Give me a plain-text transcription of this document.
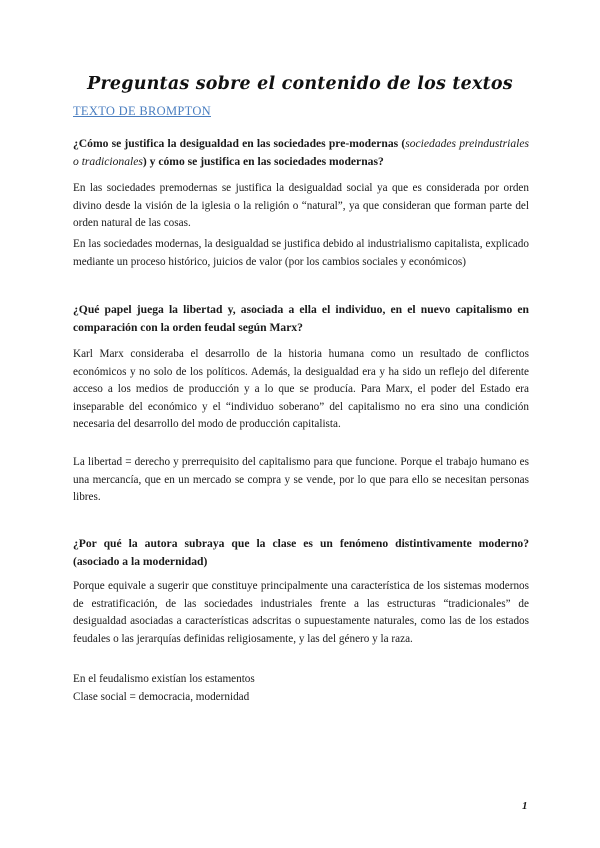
Preguntas sobre el contenido de los textos
TEXTO DE BROMPTON
¿Cómo se justifica la desigualdad en las sociedades pre-modernas (sociedades preindustriales o tradicionales) y cómo se justifica en las sociedades modernas?
En las sociedades premodernas se justifica la desigualdad social ya que es considerada por orden divino desde la visión de la iglesia o la religión o “natural”, ya que consideran que forman parte del orden natural de las cosas.
En las sociedades modernas, la desigualdad se justifica debido al industrialismo capitalista, explicado mediante un proceso histórico, juicios de valor (por los cambios sociales y económicos)
¿Qué papel juega la libertad y, asociada a ella el individuo, en el nuevo capitalismo en comparación con la orden feudal según Marx?
Karl Marx consideraba el desarrollo de la historia humana como un resultado de conflictos económicos y no solo de los políticos. Además, la desigualdad era y ha sido un reflejo del diferente acceso a los medios de producción y a lo que se producía. Para Marx, el poder del Estado era inseparable del económico y el “individuo soberano” del capitalismo no era sino una condición necesaria del desarrollo del modo de producción capitalista.
La libertad = derecho y prerrequisito del capitalismo para que funcione. Porque el trabajo humano es una mercancía, que en un mercado se compra y se vende, por lo que para ello se necesitan personas libres.
¿Por qué la autora subraya que la clase es un fenómeno distintivamente moderno? (asociado a la modernidad)
Porque equivale a sugerir que constituye principalmente una característica de los sistemas modernos de estratificación, de las sociedades industriales frente a las estructuras “tradicionales” de desigualdad asociadas a características adscritas o supuestamente naturales, como las de los estados feudales o las jerarquías definidas religiosamente, y las del género y la raza.
En el feudalismo existían los estamentos
Clase social = democracia, modernidad
1
